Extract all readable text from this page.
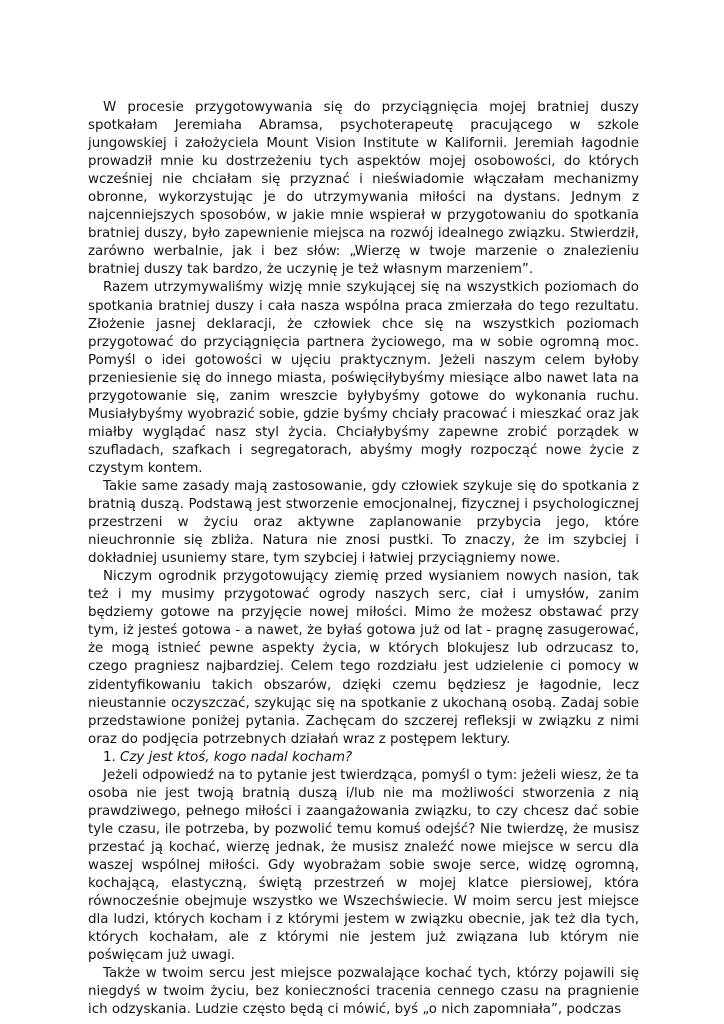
W procesie przygotowywania się do przyciągnięcia mojej bratniej duszy spotkałam Jeremiaha Abramsa, psychoterapeutę pracującego w szkole jungowskiej i założyciela Mount Vision Institute w Kalifornii. Jeremiah łagodnie prowadził mnie ku dostrzeżeniu tych aspektów mojej osobowości, do których wcześniej nie chciałam się przyznać i nieświadomie włączałam mechanizmy obronne, wykorzystując je do utrzymywania miłości na dystans. Jednym z najcenniejszych sposobów, w jakie mnie wspierał w przygotowaniu do spotkania bratniej duszy, było zapewnienie miejsca na rozwój idealnego związku. Stwierdził, zarówno werbalnie, jak i bez słów: „Wierzę w twoje marzenie o znalezieniu bratniej duszy tak bardzo, że uczynię je też własnym marzeniem”.

Razem utrzymywaliśmy wizję mnie szykującej się na wszystkich poziomach do spotkania bratniej duszy i cała nasza wspólna praca zmierzała do tego rezultatu. Złożenie jasnej deklaracji, że człowiek chce się na wszystkich poziomach przygotować do przyciągnięcia partnera życiowego, ma w sobie ogromną moc. Pomyśl o idei gotowości w ujęciu praktycznym. Jeżeli naszym celem byłoby przeniesienie się do innego miasta, poświęciłybyśmy miesiące albo nawet lata na przygotowanie się, zanim wreszcie byłybyśmy gotowe do wykonania ruchu. Musiałybyśmy wyobrazić sobie, gdzie byśmy chciały pracować i mieszkać oraz jak miałby wyglądać nasz styl życia. Chciałybyśmy zapewne zrobić porządek w szufladach, szafkach i segregatorach, abyśmy mogły rozpocząć nowe życie z czystym kontem.

Takie same zasady mają zastosowanie, gdy człowiek szykuje się do spotkania z bratnią duszą. Podstawą jest stworzenie emocjonalnej, fizycznej i psychologicznej przestrzeni w życiu oraz aktywne zaplanowanie przybycia jego, które nieuchronnie się zbliża. Natura nie znosi pustki. To znaczy, że im szybciej i dokładniej usuniemy stare, tym szybciej i łatwiej przyciągniemy nowe.

Niczym ogrodnik przygotowujący ziemię przed wysianiem nowych nasion, tak też i my musimy przygotować ogrody naszych serc, ciał i umysłów, zanim będziemy gotowe na przyjęcie nowej miłości. Mimo że możesz obstawać przy tym, iż jesteś gotowa - a nawet, że byłaś gotowa już od lat - pragnę zasugerować, że mogą istnieć pewne aspekty życia, w których blokujesz lub odrzucasz to, czego pragniesz najbardziej. Celem tego rozdziału jest udzielenie ci pomocy w zidentyfikowaniu takich obszarów, dzięki czemu będziesz je łagodnie, lecz nieustannie oczyszczać, szykując się na spotkanie z ukochaną osobą. Zadaj sobie przedstawione poniżej pytania. Zachęcam do szczerej refleksji w związku z nimi oraz do podjęcia potrzebnych działań wraz z postępem lektury.

1. Czy jest ktoś, kogo nadal kocham?

Jeżeli odpowiedź na to pytanie jest twierdząca, pomyśl o tym: jeżeli wiesz, że ta osoba nie jest twoją bratnią duszą i/lub nie ma możliwości stworzenia z nią prawdziwego, pełnego miłości i zaangażowania związku, to czy chcesz dać sobie tyle czasu, ile potrzeba, by pozwolić temu komuś odejść? Nie twierdzę, że musisz przestać ją kochać, wierzę jednak, że musisz znaleźć nowe miejsce w sercu dla waszej wspólnej miłości. Gdy wyobrażam sobie swoje serce, widzę ogromną, kochającą, elastyczną, świętą przestrzeń w mojej klatce piersiowej, która równocześnie obejmuje wszystko we Wszechświecie. W moim sercu jest miejsce dla ludzi, których kocham i z którymi jestem w związku obecnie, jak też dla tych, których kochałam, ale z którymi nie jestem już związana lub którym nie poświęcam już uwagi.

Także w twoim sercu jest miejsce pozwalające kochać tych, którzy pojawili się niegdyś w twoim życiu, bez konieczności tracenia cennego czasu na pragnienie ich odzyskania. Ludzie często będą ci mówić, byś „o nich zapomniała”, podczas
